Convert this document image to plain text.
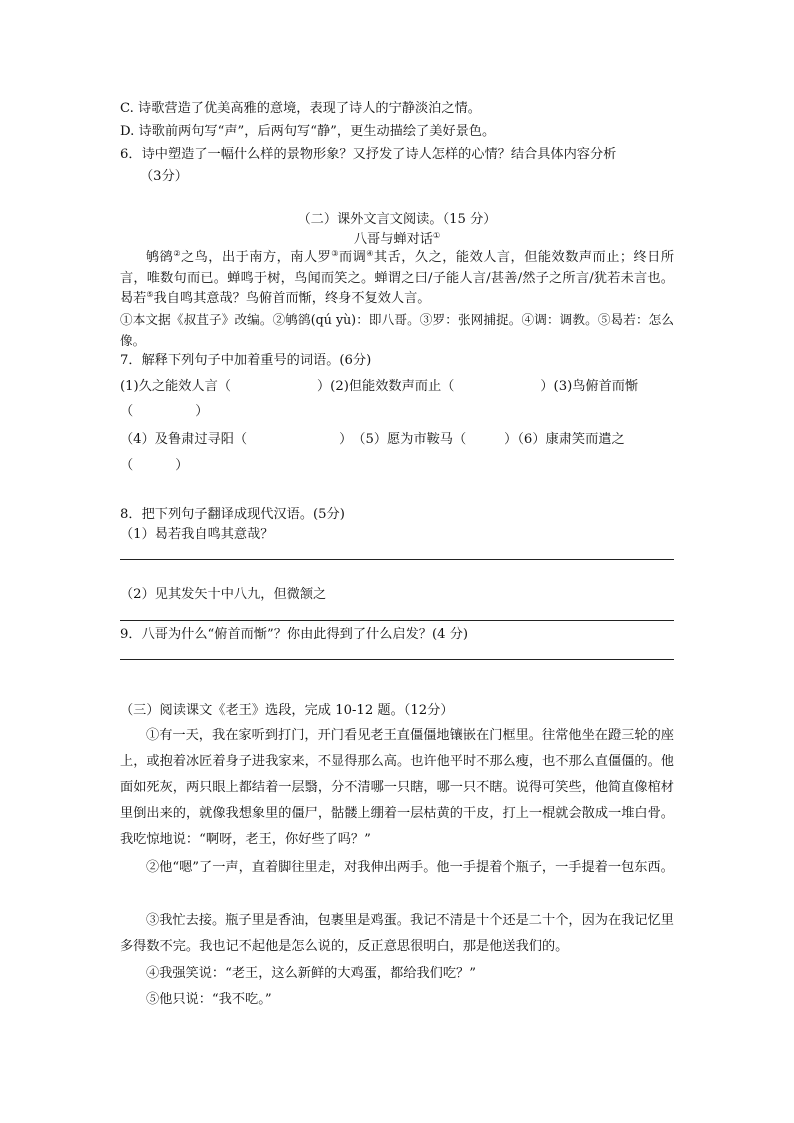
C. 诗歌营造了优美高雅的意境，表现了诗人的宁静淡泊之情。
D. 诗歌前两句写“声”，后两句写“静”，更生动描绘了美好景色。
6．诗中塑造了一幅什么样的景物形象？又抒发了诗人怎样的心情？结合具体内容分析
（3分）
（二）课外文言文阅读。（15 分）
八哥与蝉对话①

鸲鹆②之鸟，出于南方，南人罗③而调④其舌，久之，能效人言，但能效数声而止；终日所言，唯数句而已。蝉鸣于树，鸟闻而笑之。蝉谓之曰/子能人言/甚善/然子之所言/犹若未言也。曷若⑤我自鸣其意哉？鸟俯首而惭，终身不复效人言。

①本文据《叔苴子》改编。②鸲鹆(qú yù)：即八哥。③罗：张网捕捉。④调：调教。⑤曷若：怎么像。

7．解释下列句子中加着重号的词语。(6分)
(1)久之能效人言（	）(2)但能效数声而止（	）(3)鸟俯首而惭
（	）
（4）及鲁肃过寻阳（	）　（5）愿为市鞍马（	）（6）康肃笑而遣之
（	）
8．把下列句子翻译成现代汉语。(5分)
（1）曷若我自鸣其意哉？
（2）见其发矢十中八九，但微颔之
9．八哥为什么“俯首而惭”？你由此得到了什么启发？(4 分)
（三）阅读课文《老王》选段，完成 10-12 题。（12分）

①有一天，我在家听到打门，开门看见老王直僵僵地镶嵌在门框里。往常他坐在蹬三轮的座上，或抱着冰匠着身子进我家来，不显得那么高。也许他平时不那么瘦，也不那么直僵僵的。他面如死灰，两只眼上都结着一层翳，分不清哪一只瞎，哪一只不瞎。说得可笑些，他简直像棺材里倒出来的，就像我想象里的僵尸，骷髅上绷着一层枯黄的干皮，打上一棍就会散成一堆白骨。我吃惊地说：“啊呀，老王，你好些了吗？”

②他“嗯”了一声，直着脚往里走，对我伸出两手。他一手提着个瓶子，一手提着一包东西。

③我忙去接。瓶子里是香油，包裹里是鸡蛋。我记不清是十个还是二十个，因为在我记忆里多得数不完。我也记不起他是怎么说的，反正意思很明白，那是他送我们的。

④我强笑说：“老王，这么新鲜的大鸡蛋，都给我们吃？”

⑤他只说：“我不吃。”
